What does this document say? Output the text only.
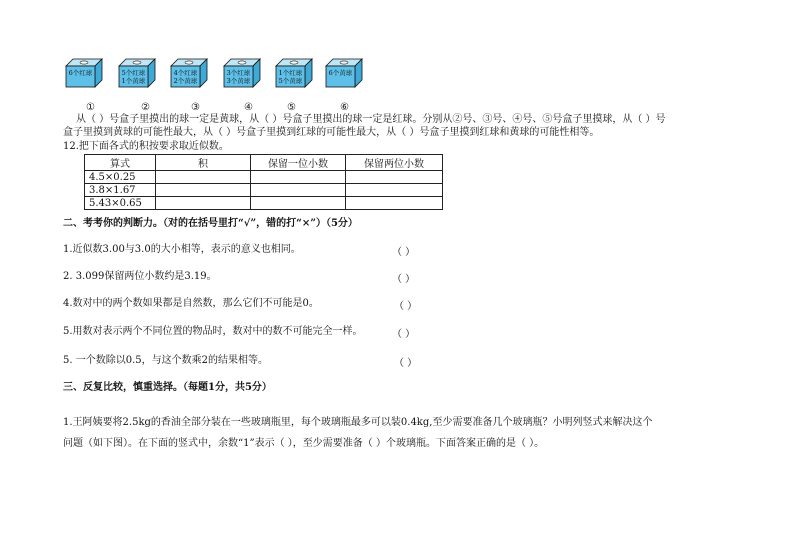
6个红球	5个红球
1个黄球
4个红球
2个黄球
3个红球
3个黄球
1个红球
5个黄球
6个黄球
①	②	③	④	⑤	⑥
从（ ）号盒子里摸出的球一定是黄球，从（ ）号盒子里摸出的球一定是红球。分别从②号、③号、④号、⑤号盒子里摸球，从（ ）号
盒子里摸到黄球的可能性最大，从（ ）号盒子里摸到红球的可能性最大，从（ ）号盒子里摸到红球和黄球的可能性相等。
12.把下面各式的积按要求取近似数。
算式	积	保留一位小数	保留两位小数
4.5×0.25			
3.8×1.67			
5.43×0.65			
二、考考你的判断力。（对的在括号里打“√”，错的打“×”）（5分）
1.近似数3.00与3.0的大小相等，表示的意义也相同。	（ ）
2. 3.099保留两位小数约是3.19。	（ ）
4.数对中的两个数如果都是自然数，那么它们不可能是0。	（ ）
5.用数对表示两个不同位置的物品时，数对中的数不可能完全一样。	（ ）
5. 一个数除以0.5，与这个数乘2的结果相等。	（ ）
三、反复比较，慎重选择。（每题1分，共5分）
1.王阿姨要将2.5kg的香油全部分装在一些玻璃瓶里，每个玻璃瓶最多可以装0.4kg,至少需要准备几个玻璃瓶？小明列竖式来解决这个
问题（如下图）。在下面的竖式中，余数“1”表示（ ），至少需要准备（ ）个玻璃瓶。下面答案正确的是（ ）。
